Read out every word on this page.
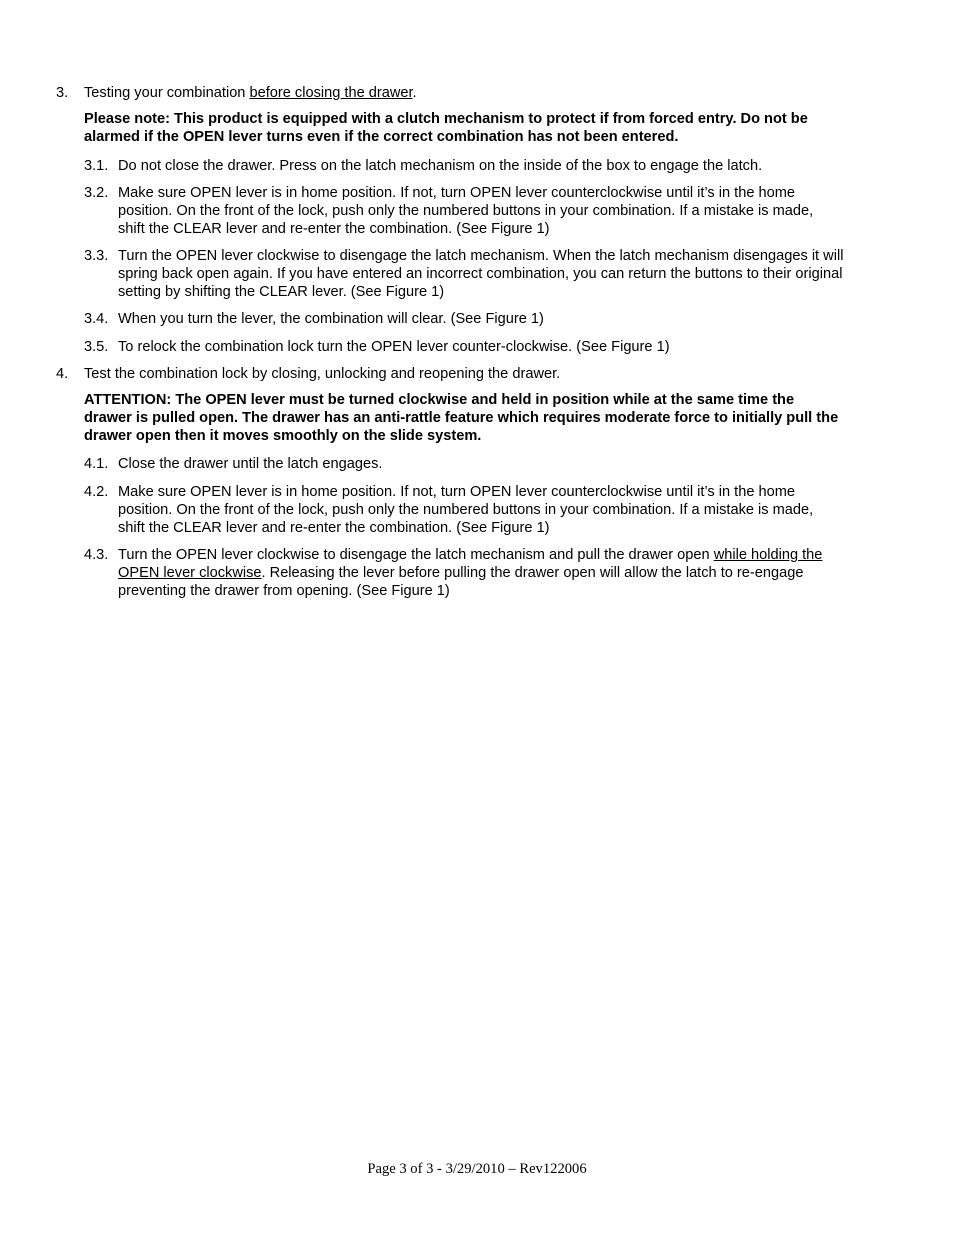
3. Testing your combination before closing the drawer.
Please note: This product is equipped with a clutch mechanism to protect if from forced entry. Do not be
alarmed if the OPEN lever turns even if the correct combination has not been entered.
3.1. Do not close the drawer. Press on the latch mechanism on the inside of the box to engage the latch.
3.2. Make sure OPEN lever is in home position. If not, turn OPEN lever counterclockwise until it’s in the home
position. On the front of the lock, push only the numbered buttons in your combination. If a mistake is made,
shift the CLEAR lever and re-enter the combination. (See Figure 1)
3.3. Turn the OPEN lever clockwise to disengage the latch mechanism. When the latch mechanism disengages it will
spring back open again. If you have entered an incorrect combination, you can return the buttons to their original
setting by shifting the CLEAR lever. (See Figure 1)
3.4. When you turn the lever, the combination will clear. (See Figure 1)
3.5. To relock the combination lock turn the OPEN lever counter-clockwise. (See Figure 1)
4. Test the combination lock by closing, unlocking and reopening the drawer.
ATTENTION: The OPEN lever must be turned clockwise and held in position while at the same time the
drawer is pulled open. The drawer has an anti-rattle feature which requires moderate force to initially pull the
drawer open then it moves smoothly on the slide system.
4.1. Close the drawer until the latch engages.
4.2. Make sure OPEN lever is in home position. If not, turn OPEN lever counterclockwise until it’s in the home
position. On the front of the lock, push only the numbered buttons in your combination. If a mistake is made,
shift the CLEAR lever and re-enter the combination. (See Figure 1)
4.3. Turn the OPEN lever clockwise to disengage the latch mechanism and pull the drawer open while holding the
OPEN lever clockwise. Releasing the lever before pulling the drawer open will allow the latch to re-engage
preventing the drawer from opening. (See Figure 1)
Page 3 of 3 - 3/29/2010 – Rev122006
